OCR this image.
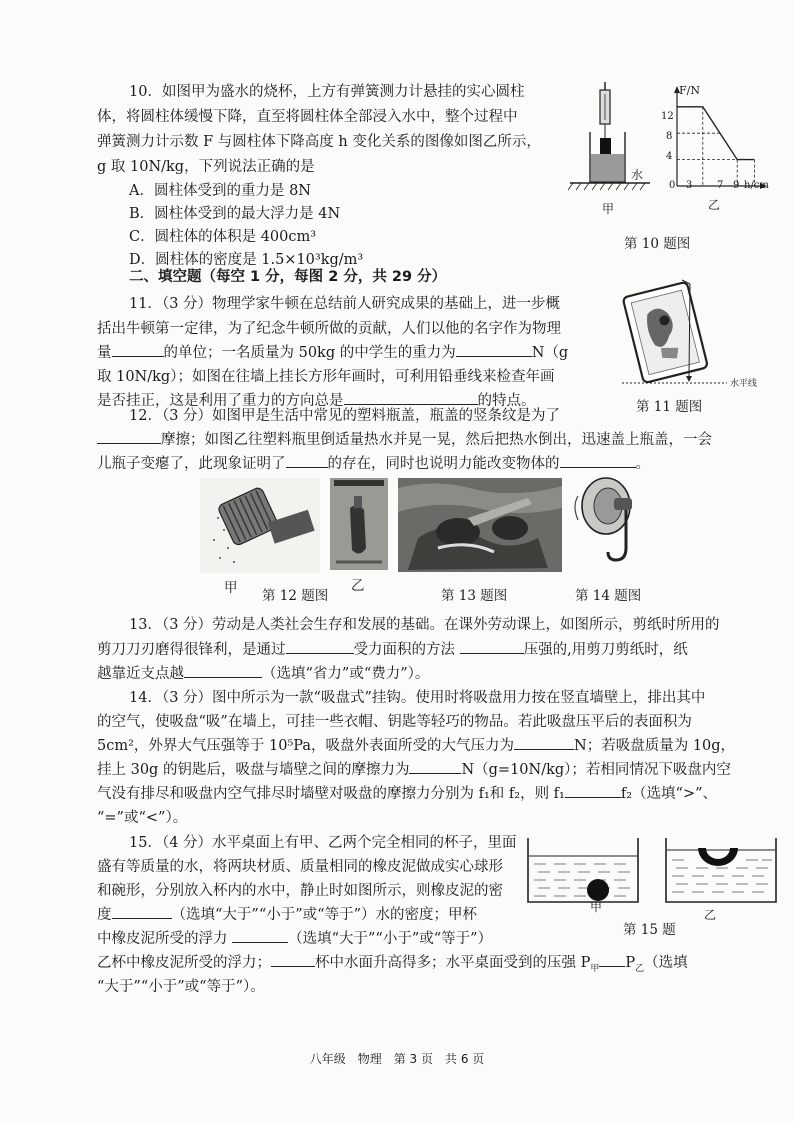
10．如图甲为盛水的烧杯，上方有弹簧测力计悬挂的实心圆柱
体，将圆柱体缓慢下降，直至将圆柱体全部浸入水中，整个过程中
弹簧测力计示数 F 与圆柱体下降高度 h 变化关系的图像如图乙所示，
g 取 10N/kg，下列说法正确的是
A．圆柱体受到的重力是 8N
B．圆柱体受到的最大浮力是 4N
C．圆柱体的体积是 400cm³
D．圆柱体的密度是 1.5×10³kg/m³
水
甲
F/N
12
8
4
0 3 7 9 h/cm
乙
第 10 题图
二、填空题（每空 1 分，每图 2 分，共 29 分）
11．（3 分）物理学家牛顿在总结前人研究成果的基础上，进一步概
括出牛顿第一定律，为了纪念牛顿所做的贡献，人们以他的名字作为物理
量	的单位；一名质量为 50kg 的中学生的重力为	N（g
取 10N/kg）；如图在往墙上挂长方形年画时，可利用铅垂线来检查年画
是否挂正，这是利用了重力的方向总是	的特点。
水平线
第 11 题图
12．（3 分）如图甲是生活中常见的塑料瓶盖，瓶盖的竖条纹是为了
摩擦；如图乙往塑料瓶里倒适量热水并晃一晃，然后把热水倒出，迅速盖上瓶盖，一会
儿瓶子变瘪了，此现象证明了	的存在，同时也说明力能改变物体的	。
甲	乙
第 12 题图	第 13 题图	第 14 题图
13．（3 分）劳动是人类社会生存和发展的基础。在课外劳动课上，如图所示，剪纸时所用的
剪刀刀刃磨得很锋利，是通过	受力面积的方法	压强的,用剪刀剪纸时，纸
越靠近支点越	（选填“省力”或“费力”）。
14．（3 分）图中所示为一款“吸盘式”挂钩。使用时将吸盘用力按在竖直墙壁上，排出其中
的空气，使吸盘“吸”在墙上，可挂一些衣帽、钥匙等轻巧的物品。若此吸盘压平后的表面积为
5cm²，外界大气压强等于 10⁵Pa，吸盘外表面所受的大气压力为	N；若吸盘质量为 10g，
挂上 30g 的钥匙后，吸盘与墙壁之间的摩擦力为	N（g=10N/kg）；若相同情况下吸盘内空
气没有排尽和吸盘内空气排尽时墙壁对吸盘的摩擦力分别为 f₁和 f₂，则 f₁	f₂（选填“>”、
“=”或“<”）。
15．（4 分）水平桌面上有甲、乙两个完全相同的杯子，里面
盛有等质量的水，将两块材质、质量相同的橡皮泥做成实心球形
和碗形，分别放入杯内的水中，静止时如图所示，则橡皮泥的密
度	（选填“大于”“小于”或“等于”）水的密度；甲杯
中橡皮泥所受的浮力	（选填“大于”“小于”或“等于”）
乙杯中橡皮泥所受的浮力；	杯中水面升高得多；水平桌面受到的压强 $P_甲$ $P_乙$（选填
“大于”“小于”或“等于”）。
甲
乙
第 15 题
八年级　物理　第 3 页　共 6 页
